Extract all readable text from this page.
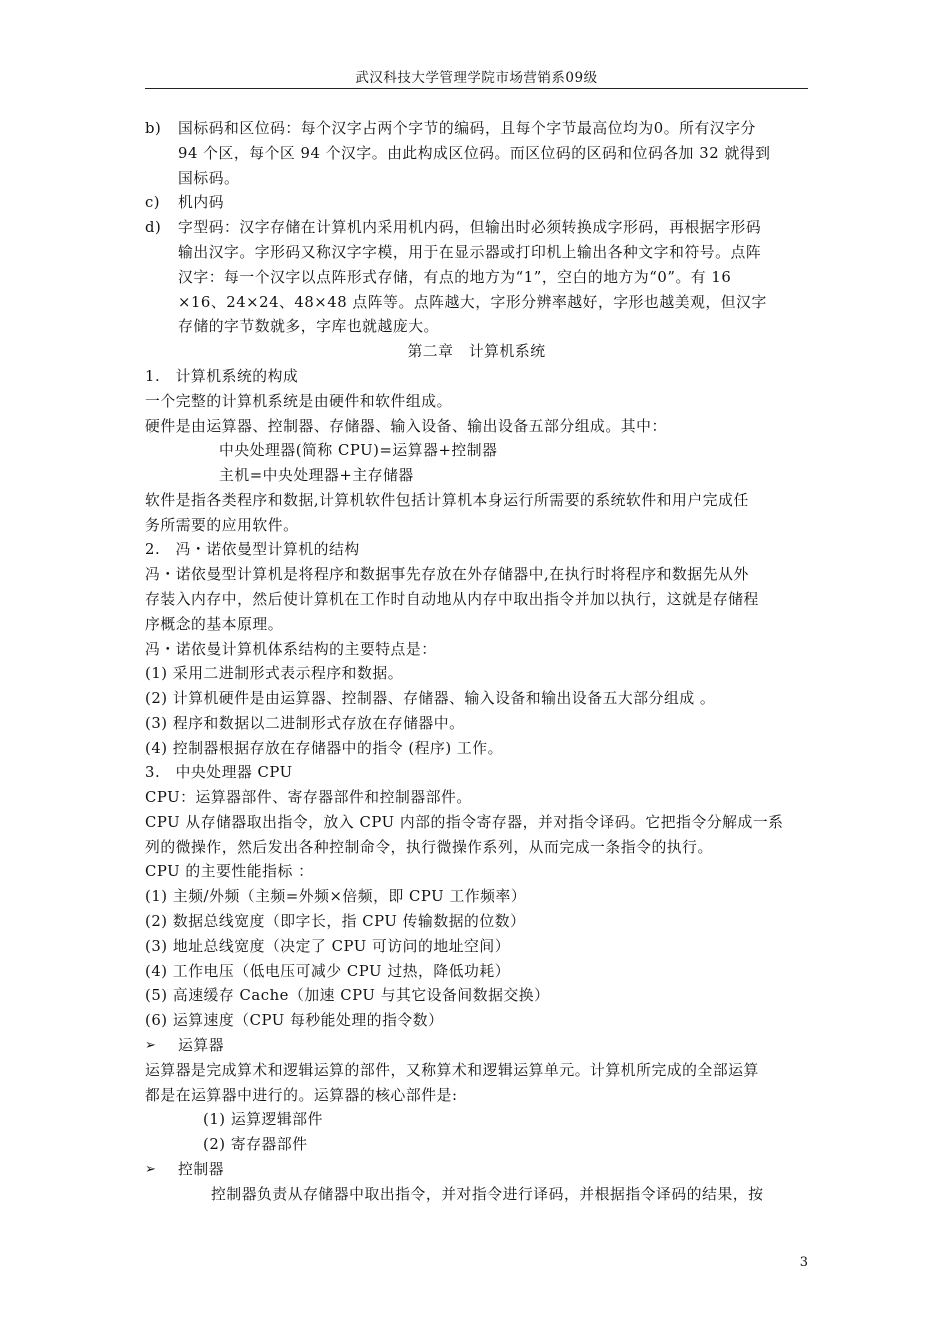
武汉科技大学管理学院市场营销系09级
b) 国标码和区位码：每个汉字占两个字节的编码，且每个字节最高位均为0。所有汉字分
94 个区，每个区 94 个汉字。由此构成区位码。而区位码的区码和位码各加 32 就得到
国标码。
c) 机内码
d) 字型码：汉字存储在计算机内采用机内码，但输出时必须转换成字形码，再根据字形码
输出汉字。字形码又称汉字字模，用于在显示器或打印机上输出各种文字和符号。点阵
汉字：每一个汉字以点阵形式存储，有点的地方为“1”，空白的地方为“0”。有 16
×16、24×24、48×48 点阵等。点阵越大，字形分辨率越好，字形也越美观，但汉字
存储的字节数就多，字库也就越庞大。
第二章　计算机系统
1.　计算机系统的构成
一个完整的计算机系统是由硬件和软件组成。
硬件是由运算器、控制器、存储器、输入设备、输出设备五部分组成。其中：
中央处理器(简称 CPU)=运算器+控制器
主机=中央处理器+主存储器
软件是指各类程序和数据,计算机软件包括计算机本身运行所需要的系统软件和用户完成任
务所需要的应用软件。
2.　冯・诺依曼型计算机的结构
冯・诺依曼型计算机是将程序和数据事先存放在外存储器中,在执行时将程序和数据先从外
存装入内存中，然后使计算机在工作时自动地从内存中取出指令并加以执行，这就是存储程
序概念的基本原理。
冯・诺依曼计算机体系结构的主要特点是：
(1) 采用二进制形式表示程序和数据。
(2) 计算机硬件是由运算器、控制器、存储器、输入设备和输出设备五大部分组成 。
(3) 程序和数据以二进制形式存放在存储器中。
(4) 控制器根据存放在存储器中的指令 (程序) 工作。
3.　中央处理器 CPU
CPU：运算器部件、寄存器部件和控制器部件。
CPU 从存储器取出指令，放入 CPU 内部的指令寄存器，并对指令译码。它把指令分解成一系
列的微操作，然后发出各种控制命令，执行微操作系列，从而完成一条指令的执行。
CPU 的主要性能指标 ：
(1) 主频/外频（主频=外频×倍频，即 CPU 工作频率）
(2) 数据总线宽度（即字长，指 CPU 传输数据的位数）
(3) 地址总线宽度（决定了 CPU 可访问的地址空间）
(4) 工作电压（低电压可减少 CPU 过热，降低功耗）
(5) 高速缓存 Cache（加速 CPU 与其它设备间数据交换）
(6) 运算速度（CPU 每秒能处理的指令数）
➢ 运算器
运算器是完成算术和逻辑运算的部件，又称算术和逻辑运算单元。计算机所完成的全部运算
都是在运算器中进行的。运算器的核心部件是:
(1) 运算逻辑部件
(2) 寄存器部件
➢ 控制器
控制器负责从存储器中取出指令，并对指令进行译码，并根据指令译码的结果，按
3
